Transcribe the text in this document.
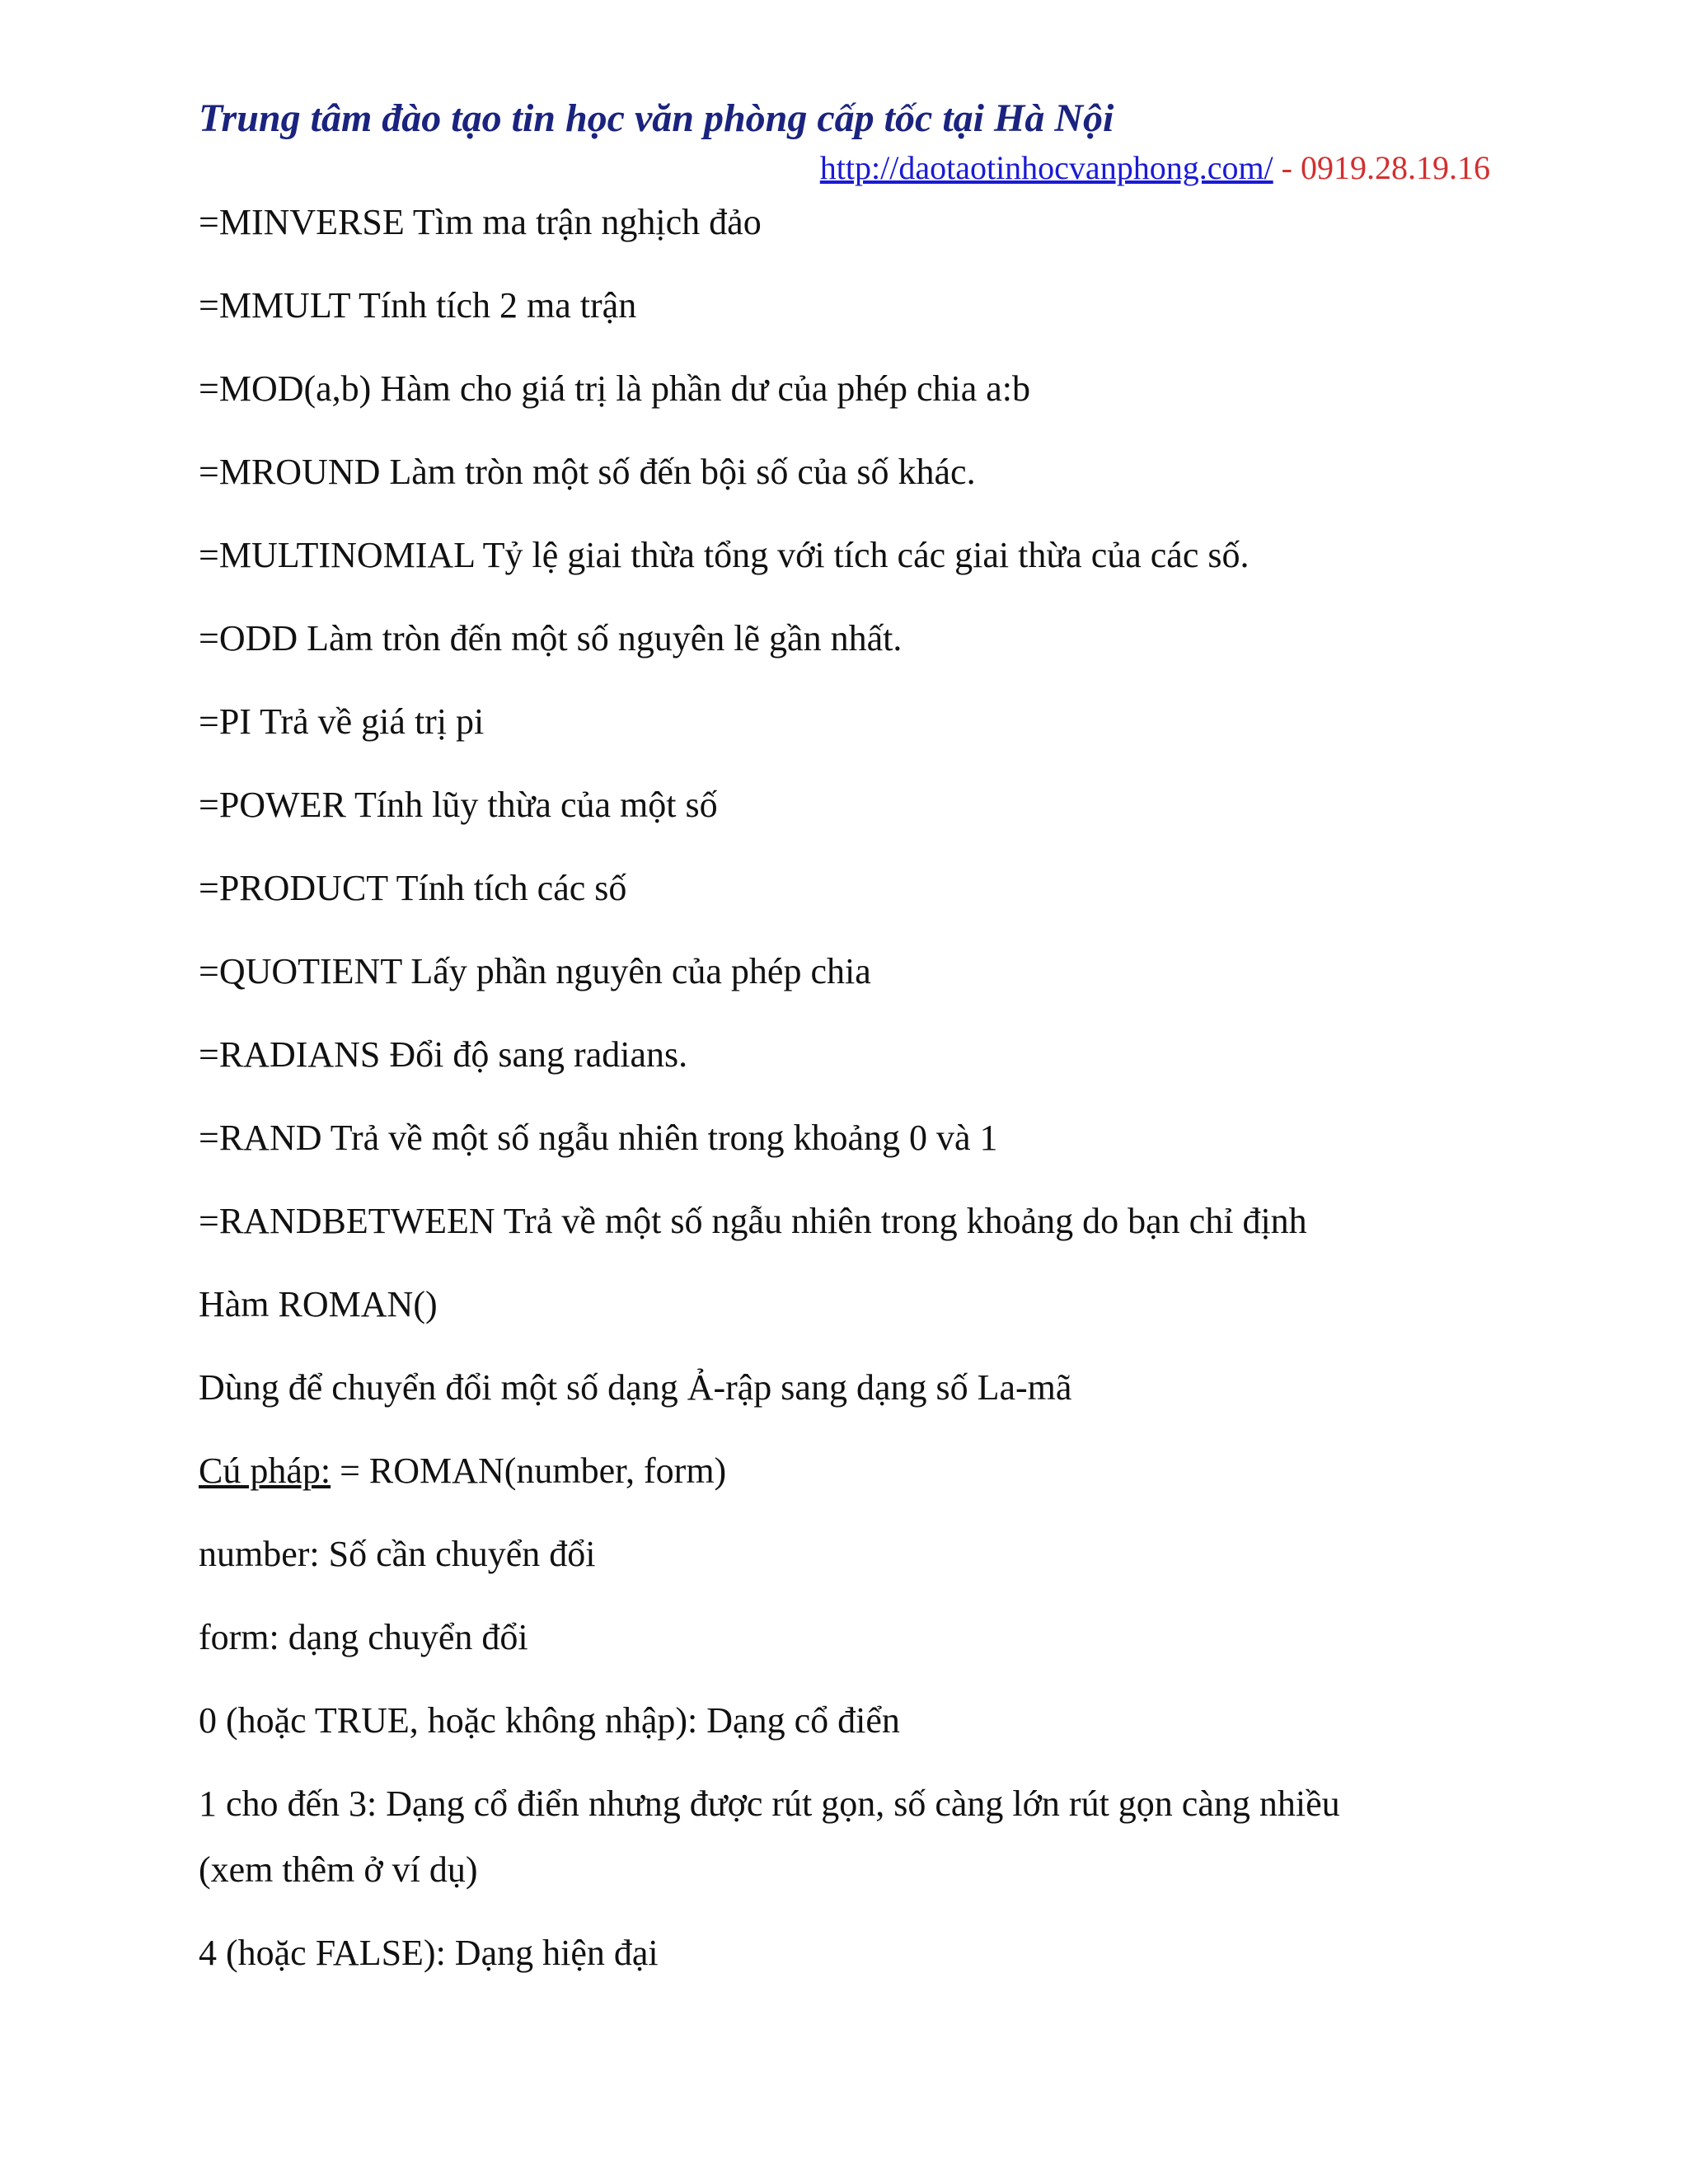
Trung tâm đào tạo tin học văn phòng cấp tốc tại Hà Nội
http://daotaotinhocvanphong.com/ - 0919.28.19.16
=MINVERSE Tìm ma trận nghịch đảo
=MMULT Tính tích 2 ma trận
=MOD(a,b) Hàm cho giá trị là phần dư của phép chia a:b
=MROUND Làm tròn một số đến bội số của số khác.
=MULTINOMIAL Tỷ lệ giai thừa tổng với tích các giai thừa của các số.
=ODD Làm tròn đến một số nguyên lẽ gần nhất.
=PI Trả về giá trị pi
=POWER Tính lũy thừa của một số
=PRODUCT Tính tích các số
=QUOTIENT Lấy phần nguyên của phép chia
=RADIANS Đổi độ sang radians.
=RAND Trả về một số ngẫu nhiên trong khoảng 0 và 1
=RANDBETWEEN Trả về một số ngẫu nhiên trong khoảng do bạn chỉ định
Hàm ROMAN()
Dùng để chuyển đổi một số dạng Ả-rập sang dạng số La-mã
Cú pháp: = ROMAN(number, form)
number: Số cần chuyển đổi
form: dạng chuyển đổi
0 (hoặc TRUE, hoặc không nhập): Dạng cổ điển
1 cho đến 3: Dạng cổ điển nhưng được rút gọn, số càng lớn rút gọn càng nhiều
(xem thêm ở ví dụ)
4 (hoặc FALSE): Dạng hiện đại
